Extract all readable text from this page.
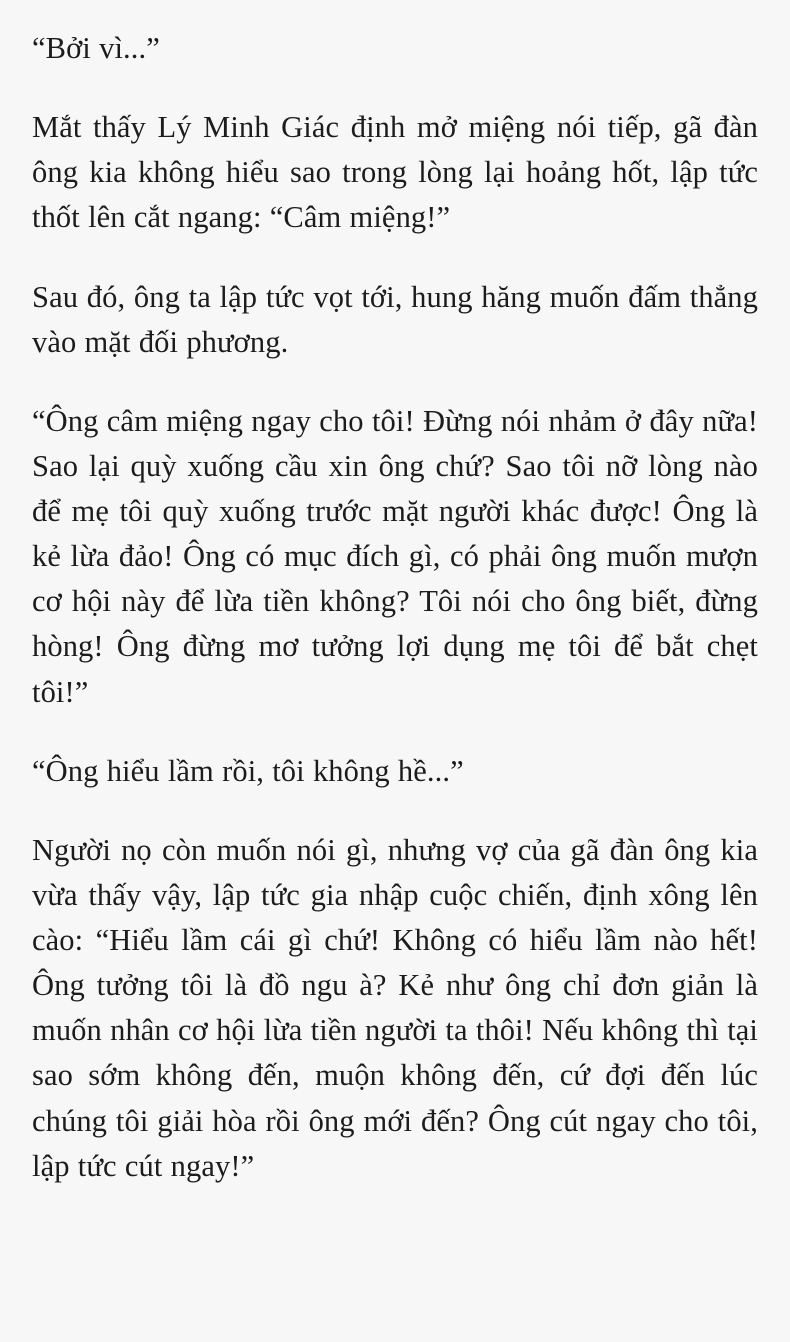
“Bởi vì...”

Mắt thấy Lý Minh Giác định mở miệng nói tiếp, gã đàn ông kia không hiểu sao trong lòng lại hoảng hốt, lập tức thốt lên cắt ngang: “Câm miệng!”

Sau đó, ông ta lập tức vọt tới, hung hăng muốn đấm thẳng vào mặt đối phương.

“Ông câm miệng ngay cho tôi! Đừng nói nhảm ở đây nữa! Sao lại quỳ xuống cầu xin ông chứ? Sao tôi nỡ lòng nào để mẹ tôi quỳ xuống trước mặt người khác được! Ông là kẻ lừa đảo! Ông có mục đích gì, có phải ông muốn mượn cơ hội này để lừa tiền không? Tôi nói cho ông biết, đừng hòng! Ông đừng mơ tưởng lợi dụng mẹ tôi để bắt chẹt tôi!”

“Ông hiểu lầm rồi, tôi không hề...”

Người nọ còn muốn nói gì, nhưng vợ của gã đàn ông kia vừa thấy vậy, lập tức gia nhập cuộc chiến, định xông lên cào: “Hiểu lầm cái gì chứ! Không có hiểu lầm nào hết! Ông tưởng tôi là đồ ngu à? Kẻ như ông chỉ đơn giản là muốn nhân cơ hội lừa tiền người ta thôi! Nếu không thì tại sao sớm không đến, muộn không đến, cứ đợi đến lúc chúng tôi giải hòa rồi ông mới đến? Ông cút ngay cho tôi, lập tức cút ngay!”
